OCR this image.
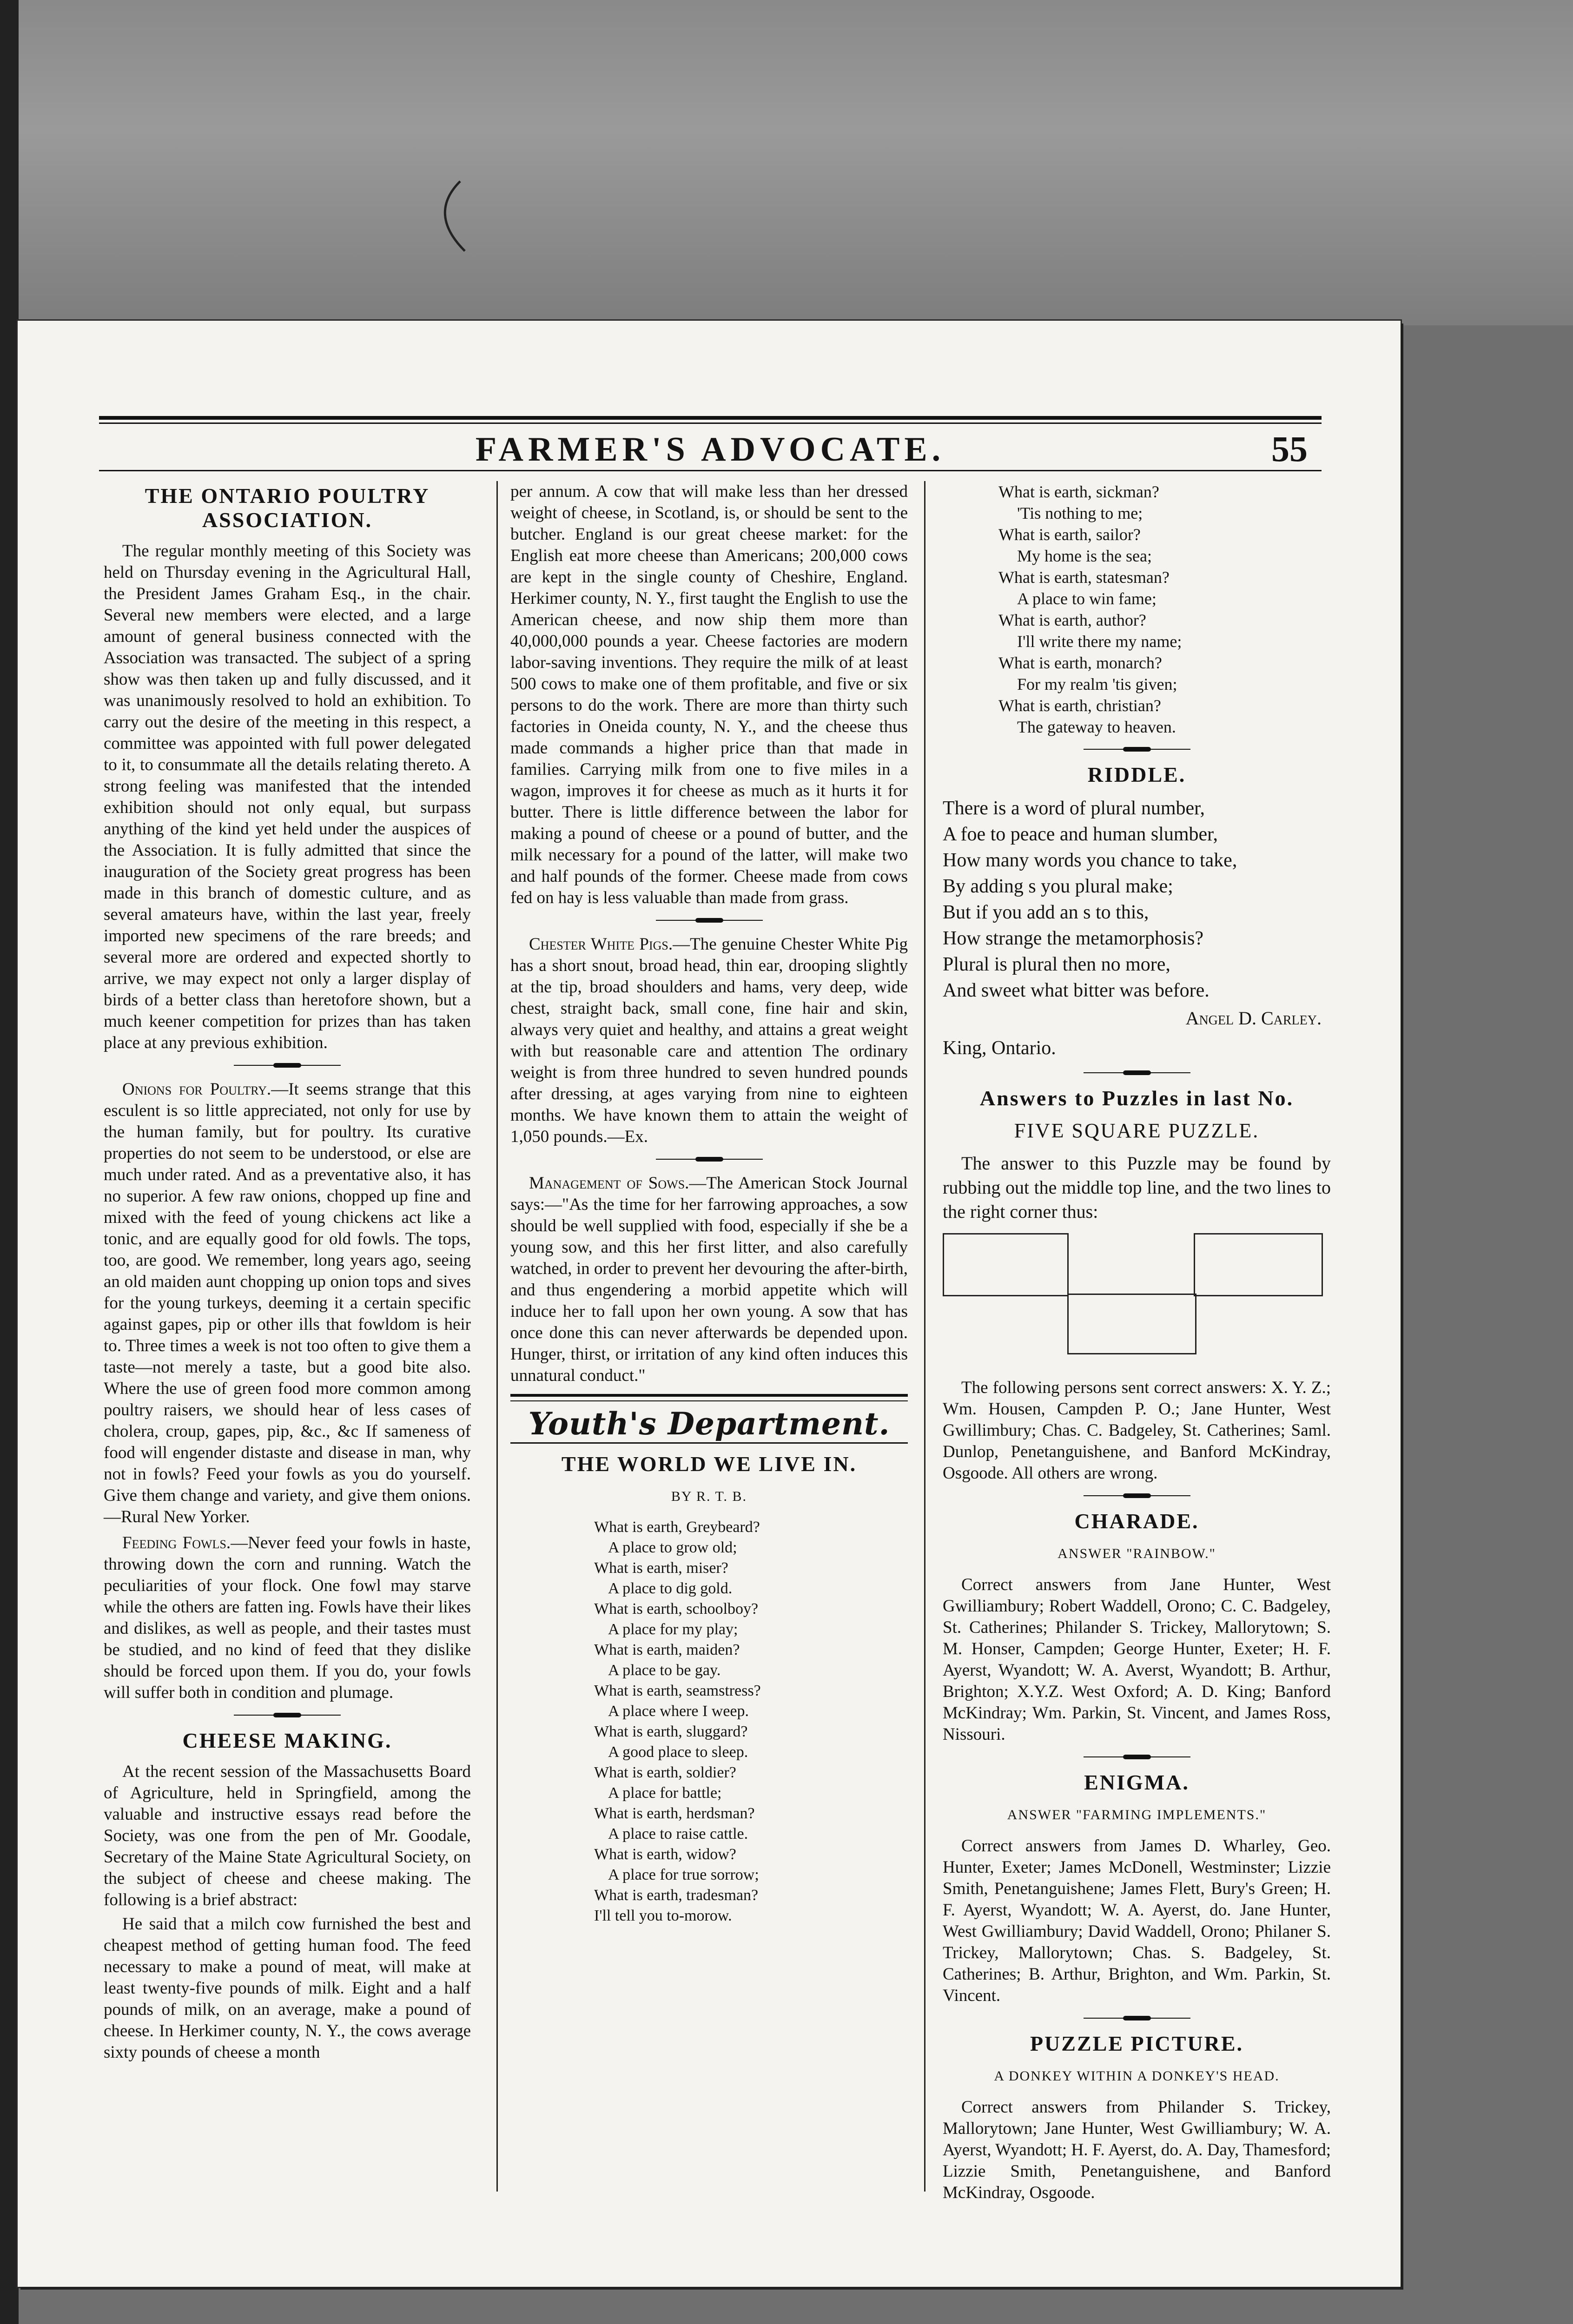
FARMER'S ADVOCATE.	55
THE ONTARIO POULTRY ASSOCIATION.

The regular monthly meeting of this Society was held on Thursday evening in the Agricultural Hall, the President James Graham Esq., in the chair. Several new members were elected, and a large amount of general business connected with the Association was transacted. The subject of a spring show was then taken up and fully discussed, and it was unanimously resolved to hold an exhibition. To carry out the desire of the meeting in this respect, a committee was appointed with full power delegated to it, to consummate all the details relating thereto. A strong feeling was manifested that the intended exhibition should not only equal, but surpass anything of the kind yet held under the auspices of the Association. It is fully admitted that since the inauguration of the Society great progress has been made in this branch of domestic culture, and as several amateurs have, within the last year, freely imported new specimens of the rare breeds; and several more are ordered and expected shortly to arrive, we may expect not only a larger display of birds of a better class than heretofore shown, but a much keener competition for prizes than has taken place at any previous exhibition.

Onions for Poultry.—It seems strange that this esculent is so little appreciated, not only for use by the human family, but for poultry. Its curative properties do not seem to be understood, or else are much under rated. And as a preventative also, it has no superior. A few raw onions, chopped up fine and mixed with the feed of young chickens act like a tonic, and are equally good for old fowls. The tops, too, are good. We remember, long years ago, seeing an old maiden aunt chopping up onion tops and sives for the young turkeys, deeming it a certain specific against gapes, pip or other ills that fowldom is heir to. Three times a week is not too often to give them a taste—not merely a taste, but a good bite also. Where the use of green food more common among poultry raisers, we should hear of less cases of cholera, croup, gapes, pip, &c., &c If sameness of food will engender distaste and disease in man, why not in fowls? Feed your fowls as you do yourself. Give them change and variety, and give them onions.—Rural New Yorker.

Feeding Fowls.—Never feed your fowls in haste, throwing down the corn and running. Watch the peculiarities of your flock. One fowl may starve while the others are fatten ing. Fowls have their likes and dislikes, as well as people, and their tastes must be studied, and no kind of feed that they dislike should be forced upon them. If you do, your fowls will suffer both in condition and plumage.

CHEESE MAKING.

At the recent session of the Massachusetts Board of Agriculture, held in Springfield, among the valuable and instructive essays read before the Society, was one from the pen of Mr. Goodale, Secretary of the Maine State Agricultural Society, on the subject of cheese and cheese making. The following is a brief abstract:

He said that a milch cow furnished the best and cheapest method of getting human food. The feed necessary to make a pound of meat, will make at least twenty-five pounds of milk. Eight and a half pounds of milk, on an average, make a pound of cheese. In Herkimer county, N. Y., the cows average sixty pounds of cheese a month

per annum. A cow that will make less than her dressed weight of cheese, in Scotland, is, or should be sent to the butcher. England is our great cheese market: for the English eat more cheese than Americans; 200,000 cows are kept in the single county of Cheshire, England. Herkimer county, N. Y., first taught the English to use the American cheese, and now ship them more than 40,000,000 pounds a year. Cheese factories are modern labor-saving inventions. They require the milk of at least 500 cows to make one of them profitable, and five or six persons to do the work. There are more than thirty such factories in Oneida county, N. Y., and the cheese thus made commands a higher price than that made in families. Carrying milk from one to five miles in a wagon, improves it for cheese as much as it hurts it for butter. There is little difference between the labor for making a pound of cheese or a pound of butter, and the milk necessary for a pound of the latter, will make two and half pounds of the former. Cheese made from cows fed on hay is less valuable than made from grass.

Chester White Pigs.—The genuine Chester White Pig has a short snout, broad head, thin ear, drooping slightly at the tip, broad shoulders and hams, very deep, wide chest, straight back, small cone, fine hair and skin, always very quiet and healthy, and attains a great weight with but reasonable care and attention The ordinary weight is from three hundred to seven hundred pounds after dressing, at ages varying from nine to eighteen months. We have known them to attain the weight of 1,050 pounds.—Ex.

Management of Sows.—The American Stock Journal says:—"As the time for her farrowing approaches, a sow should be well supplied with food, especially if she be a young sow, and this her first litter, and also carefully watched, in order to prevent her devouring the after-birth, and thus engendering a morbid appetite which will induce her to fall upon her own young. A sow that has once done this can never afterwards be depended upon. Hunger, thirst, or irritation of any kind often induces this unnatural conduct."

Youth's Department.
THE WORLD WE LIVE IN.
BY R. T. B.
What is earth, Greybeard?
A place to grow old;
What is earth, miser?
A place to dig gold.
What is earth, schoolboy?
A place for my play;
What is earth, maiden?
A place to be gay.
What is earth, seamstress?
A place where I weep.
What is earth, sluggard?
A good place to sleep.
What is earth, soldier?
A place for battle;
What is earth, herdsman?
A place to raise cattle.
What is earth, widow?
A place for true sorrow;
What is earth, tradesman?
I'll tell you to-morow.
What is earth, sickman?
'Tis nothing to me;
What is earth, sailor?
My home is the sea;
What is earth, statesman?
A place to win fame;
What is earth, author?
I'll write there my name;
What is earth, monarch?
For my realm 'tis given;
What is earth, christian?
The gateway to heaven.
RIDDLE.
There is a word of plural number,
A foe to peace and human slumber,
How many words you chance to take,
By adding s you plural make;
But if you add an s to this,
How strange the metamorphosis?
Plural is plural then no more,
And sweet what bitter was before.
Angel D. Carley.
King, Ontario.
Answers to Puzzles in last No.
FIVE SQUARE PUZZLE.

The answer to this Puzzle may be found by rubbing out the middle top line, and the two lines to the right corner thus:

The following persons sent correct answers: X. Y. Z.; Wm. Housen, Campden P. O.; Jane Hunter, West Gwillimbury; Chas. C. Badgeley, St. Catherines; Saml. Dunlop, Penetanguishene, and Banford McKindray, Osgoode. All others are wrong.

CHARADE.
ANSWER "RAINBOW."

Correct answers from Jane Hunter, West Gwilliambury; Robert Waddell, Orono; C. C. Badgeley, St. Catherines; Philander S. Trickey, Mallorytown; S. M. Honser, Campden; George Hunter, Exeter; H. F. Ayerst, Wyandott; W. A. Averst, Wyandott; B. Arthur, Brighton; X.Y.Z. West Oxford; A. D. King; Banford McKindray; Wm. Parkin, St. Vincent, and James Ross, Nissouri.

ENIGMA.
ANSWER "FARMING IMPLEMENTS."

Correct answers from James D. Wharley, Geo. Hunter, Exeter; James McDonell, Westminster; Lizzie Smith, Penetanguishene; James Flett, Bury's Green; H. F. Ayerst, Wyandott; W. A. Ayerst, do. Jane Hunter, West Gwilliambury; David Waddell, Orono; Philaner S. Trickey, Mallorytown; Chas. S. Badgeley, St. Catherines; B. Arthur, Brighton, and Wm. Parkin, St. Vincent.

PUZZLE PICTURE.
A DONKEY WITHIN A DONKEY'S HEAD.

Correct answers from Philander S. Trickey, Mallorytown; Jane Hunter, West Gwilliambury; W. A. Ayerst, Wyandott; H. F. Ayerst, do. A. Day, Thamesford; Lizzie Smith, Penetanguishene, and Banford McKindray, Osgoode.
